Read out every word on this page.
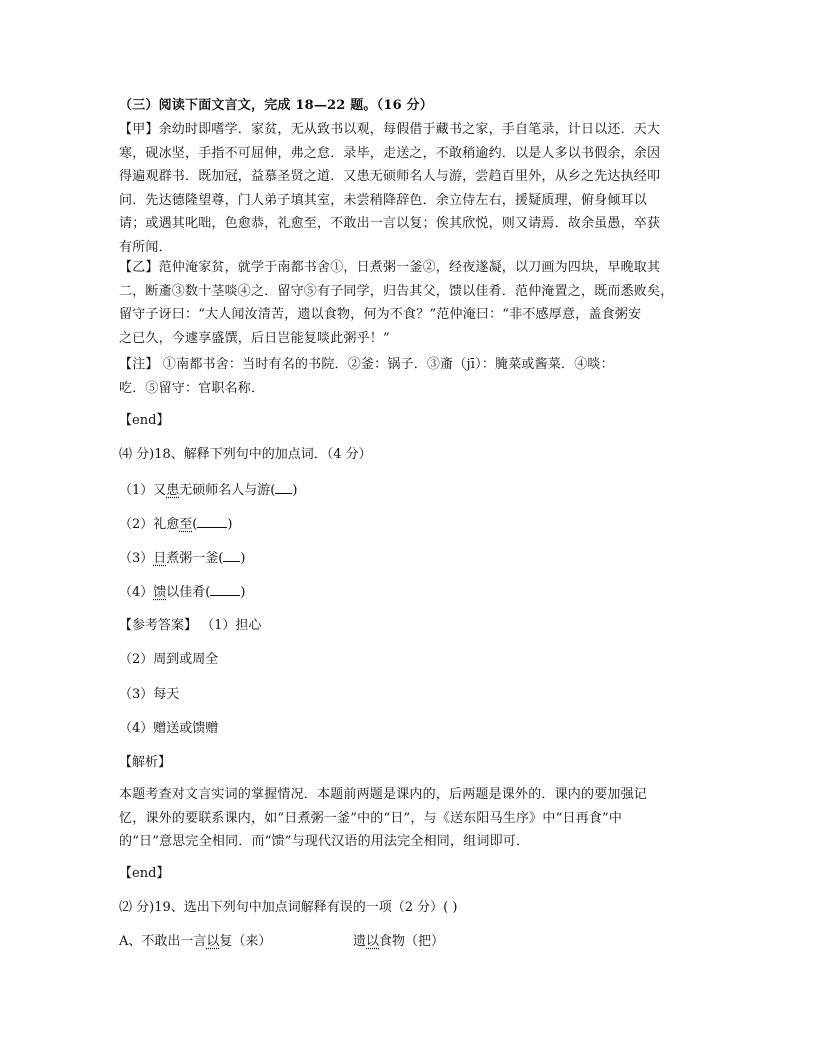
（三）阅读下面文言文，完成 18—22 题。（16 分）
【甲】余幼时即嗜学．家贫，无从致书以观，每假借于藏书之家，手自笔录，计日以还．天大
寒，砚冰坚，手指不可屈伸，弗之怠．录毕，走送之，不敢稍逾约．以是人多以书假余，余因
得遍观群书．既加冠，益慕圣贤之道．又患无硕师名人与游，尝趋百里外，从乡之先达执经叩
问．先达德隆望尊，门人弟子填其室，未尝稍降辞色．余立侍左右，援疑质理，俯身倾耳以
请；或遇其叱咄，色愈恭，礼愈至，不敢出一言以复；俟其欣悦，则又请焉．故余虽愚，卒获
有所闻．
【乙】范仲淹家贫，就学于南都书舍①，日煮粥一釜②，经夜遂凝，以刀画为四块，早晚取其
二，断齑③数十茎啖④之．留守⑤有子同学，归告其父，馈以佳肴．范仲淹置之，既而悉败矣，
留守子讶曰：“大人闻汝清苦，遗以食物，何为不食？”范仲淹曰：“非不感厚意，盖食粥安
之已久，今遽享盛馔，后日岂能复啖此粥乎！”
【注】 ①南都书舍：当时有名的书院．②釜：锅子．③齑（jī）：腌菜或酱菜．④啖：
吃．⑤留守：官职名称．
【end】
⑷ 分)18、解释下列句中的加点词．（4 分）
（1）又患无硕师名人与游( )
（2）礼愈至( )
（3）日煮粥一釜( )
（4）馈以佳肴( )
【参考答案】 （1）担心
（2）周到或周全
（3）每天
（4）赠送或馈赠
【解析】
本题考查对文言实词的掌握情况．本题前两题是课内的，后两题是课外的．课内的要加强记
忆，课外的要联系课内，如“日煮粥一釜”中的“日”，与《送东阳马生序》中“日再食”中
的“日”意思完全相同．而“馈”与现代汉语的用法完全相同，组词即可．
【end】
⑵ 分)19、选出下列句中加点词解释有误的一项（2 分）( )
A、不敢出一言以复（来）	遗以食物（把）
